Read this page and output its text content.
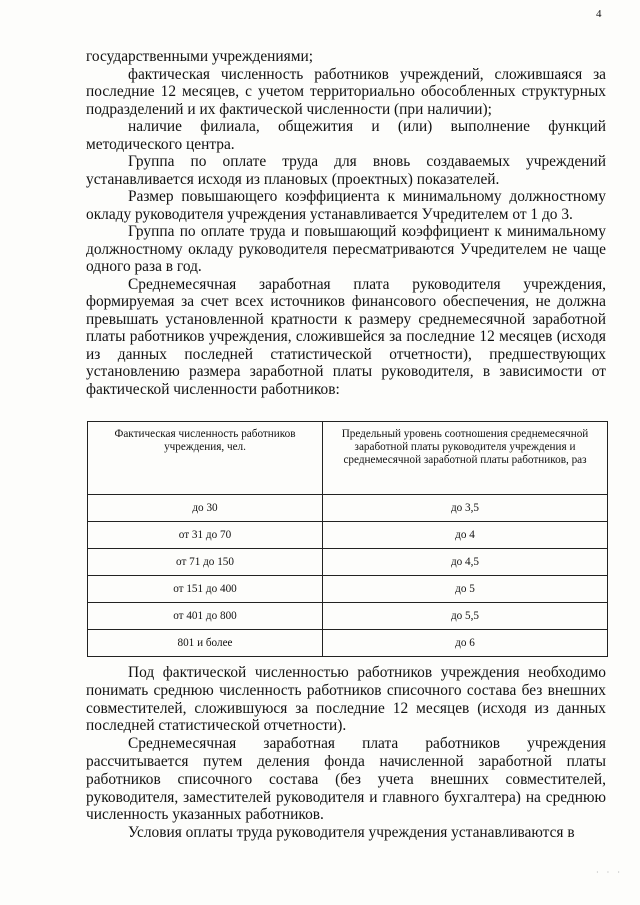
4

государственными учреждениями;

фактическая численность работников учреждений, сложившаяся за последние 12 месяцев, с учетом территориально обособленных структурных подразделений и их фактической численности (при наличии);

наличие филиала, общежития и (или) выполнение функций методического центра.

Группа по оплате труда для вновь создаваемых учреждений устанавливается исходя из плановых (проектных) показателей.

Размер повышающего коэффициента к минимальному должностному окладу руководителя учреждения устанавливается Учредителем от 1 до 3.

Группа по оплате труда и повышающий коэффициент к минимальному должностному окладу руководителя пересматриваются Учредителем не чаще одного раза в год.

Среднемесячная заработная плата руководителя учреждения, формируемая за счет всех источников финансового обеспечения, не должна превышать установленной кратности к размеру среднемесячной заработной платы работников учреждения, сложившейся за последние 12 месяцев (исходя из данных последней статистической отчетности), предшествующих установлению размера заработной платы руководителя, в зависимости от фактической численности работников:

Фактическая численность работников учреждения, чел.	Предельный уровень соотношения среднемесячной заработной платы руководителя учреждения и среднемесячной заработной платы работников, раз
до 30	до 3,5
от 31 до 70	до 4
от 71 до 150	до 4,5
от 151 до 400	до 5
от 401 до 800	до 5,5
801 и более	до 6

Под фактической численностью работников учреждения необходимо понимать среднюю численность работников списочного состава без внешних совместителей, сложившуюся за последние 12 месяцев (исходя из данных последней статистической отчетности).

Среднемесячная заработная плата работников учреждения рассчитывается путем деления фонда начисленной заработной платы работников списочного состава (без учета внешних совместителей, руководителя, заместителей руководителя и главного бухгалтера) на среднюю численность указанных работников.

Условия оплаты труда руководителя учреждения устанавливаются в

· · ·
